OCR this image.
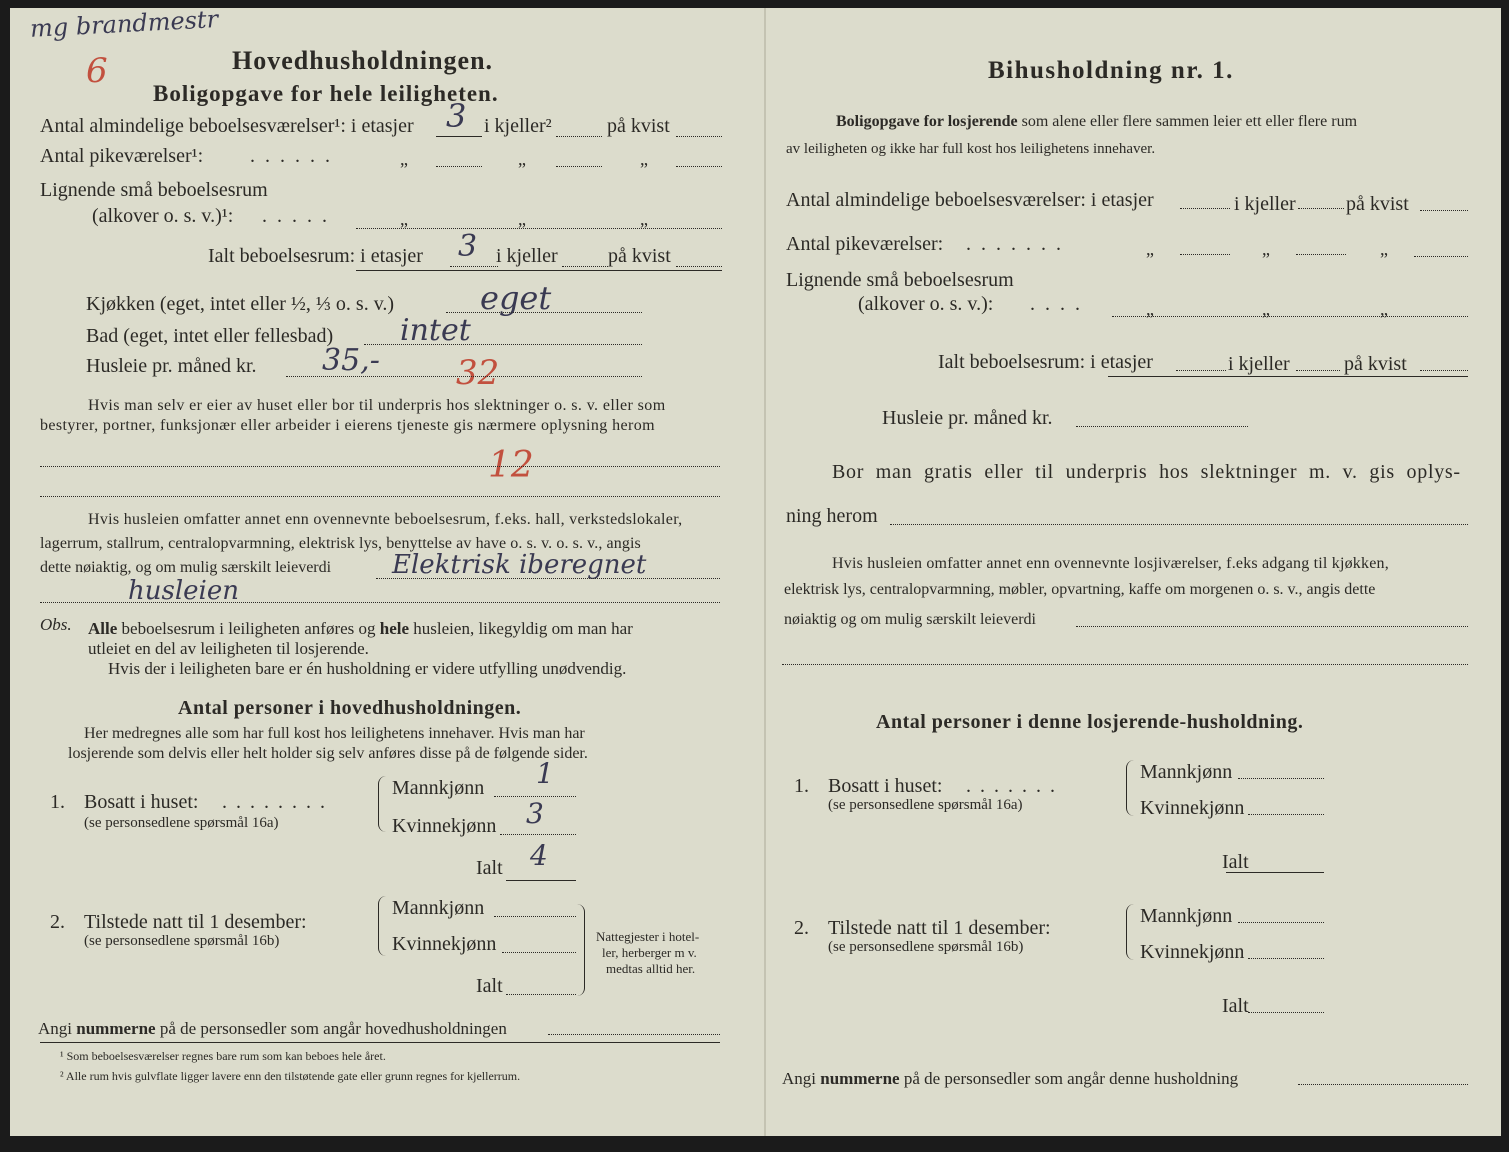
mg brandmestr
6	Hovedhusholdningen.
Boligopgave for hele leiligheten.
Antal almindelige beboelsesværelser¹: i etasjer 3 i kjeller²	på kvist
Antal pikeværelser¹: ......	„	„	„
Lignende små beboelsesrum
(alkover o. s. v.)¹: .....	„	„	„
Ialt beboelsesrum: i etasjer 3 i kjeller	på kvist
Kjøkken (eget, intet eller ½, ⅓ o. s. v.)	eget
Bad (eget, intet eller fellesbad) intet
Husleie pr. måned kr. 35,- 32
Hvis man selv er eier av huset eller bor til underpris hos slektninger o. s. v. eller som
bestyrer, portner, funksjonær eller arbeider i eierens tjeneste gis nærmere oplysning herom
12
Hvis husleien omfatter annet enn ovennevnte beboelsesrum, f.eks. hall, verkstedslokaler,
lagerrum, stallrum, centralopvarmning, elektrisk lys, benyttelse av have o. s. v. o. s. v., angis
dette nøiaktig, og om mulig særskilt leieverdi Elektrisk iberegnet
husleien
Obs. Alle beboelsesrum i leiligheten anføres og hele husleien, likegyldig om man har
utleiet en del av leiligheten til losjerende.
Hvis der i leiligheten bare er én husholdning er videre utfylling unødvendig.
Antal personer i hovedhusholdningen.
Her medregnes alle som har full kost hos leilighetens innehaver. Hvis man har
losjerende som delvis eller helt holder sig selv anføres disse på de følgende sider.
1. Bosatt i huset: ........
(se personsedlene spørsmål 16a)
Mannkjønn 1
Kvinnekjønn 3
Ialt 4
2. Tilstede natt til 1 desember:
(se personsedlene spørsmål 16b)
Mannkjønn
Kvinnekjønn
Ialt
Nattegjester i hotel-
ler, herberger m v.
medtas alltid her.
Angi nummerne på de personsedler som angår hovedhusholdningen
¹ Som beboelsesværelser regnes bare rum som kan beboes hele året.
² Alle rum hvis gulvflate ligger lavere enn den tilstøtende gate eller grunn regnes for kjellerrum.
Bihusholdning nr. 1.
Boligopgave for losjerende som alene eller flere sammen leier ett eller flere rum
av leiligheten og ikke har full kost hos leilighetens innehaver.
Antal almindelige beboelsesværelser: i etasjer	i kjeller	på kvist
Antal pikeværelser: .......	„	„	„
Lignende små beboelsesrum
(alkover o. s. v.): ....	„	„	„
Ialt beboelsesrum: i etasjer	i kjeller	på kvist
Husleie pr. måned kr.
Bor man gratis eller til underpris hos slektninger m. v. gis oplys-
ning herom
Hvis husleien omfatter annet enn ovennevnte losjiværelser, f.eks adgang til kjøkken,
elektrisk lys, centralopvarmning, møbler, opvartning, kaffe om morgenen o. s. v., angis dette
nøiaktig og om mulig særskilt leieverdi
Antal personer i denne losjerende-husholdning.
1. Bosatt i huset: .......
(se personsedlene spørsmål 16a)
Mannkjønn
Kvinnekjønn
Ialt
2. Tilstede natt til 1 desember:
(se personsedlene spørsmål 16b)
Mannkjønn
Kvinnekjønn
Ialt
Angi nummerne på de personsedler som angår denne husholdning
